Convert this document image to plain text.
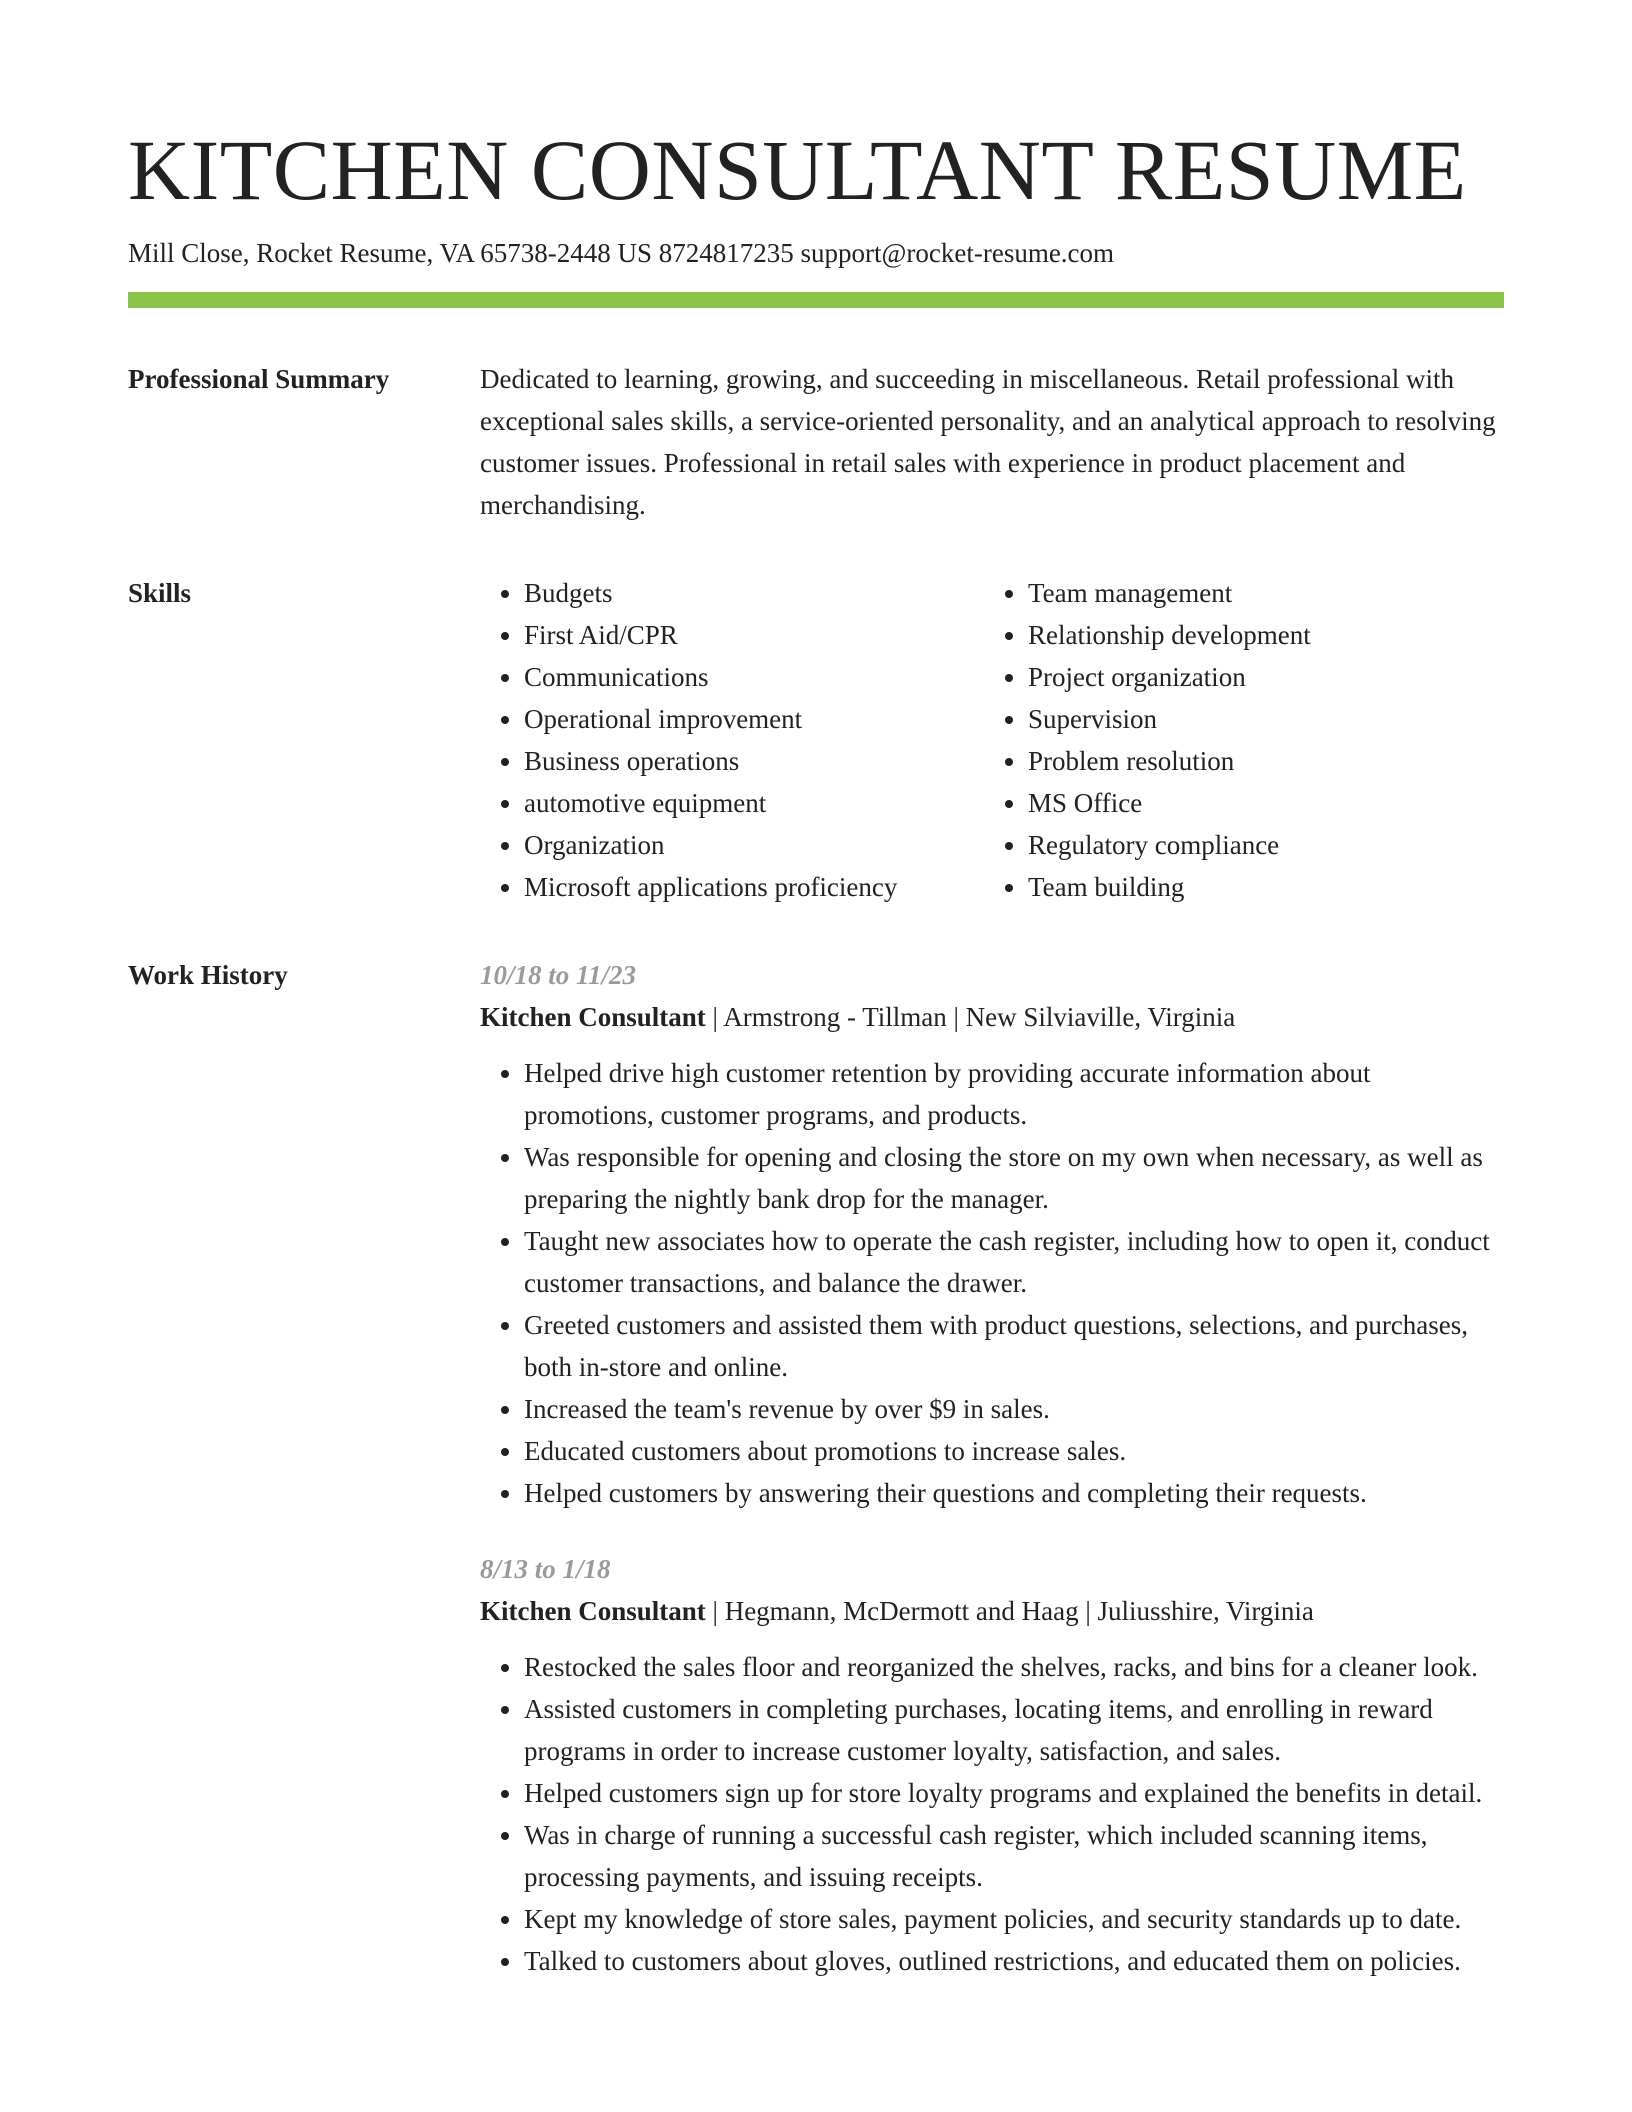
KITCHEN CONSULTANT RESUME
Mill Close, Rocket Resume, VA 65738-2448 US 8724817235 support@rocket-resume.com
Professional Summary	Dedicated to learning, growing, and succeeding in miscellaneous. Retail professional with exceptional sales skills, a service-oriented personality, and an analytical approach to resolving customer issues. Professional in retail sales with experience in product placement and merchandising.

Skills
•	Budgets
• First Aid/CPR
• Communications
• Operational improvement
• Business operations
• automotive equipment
• Organization
• Microsoft applications proficiency
• Team management
• Relationship development
• Project organization
• Supervision
• Problem resolution
• MS Office
• Regulatory compliance
• Team building
Work History	10/18 to 11/23
Kitchen Consultant | Armstrong - Tillman | New Silviaville, Virginia
• Helped drive high customer retention by providing accurate information about promotions, customer programs, and products.
• Was responsible for opening and closing the store on my own when necessary, as well as preparing the nightly bank drop for the manager.
• Taught new associates how to operate the cash register, including how to open it, conduct customer transactions, and balance the drawer.
• Greeted customers and assisted them with product questions, selections, and purchases, both in-store and online.
• Increased the team's revenue by over $9 in sales.
• Educated customers about promotions to increase sales.
• Helped customers by answering their questions and completing their requests.
8/13 to 1/18
Kitchen Consultant | Hegmann, McDermott and Haag | Juliusshire, Virginia
• Restocked the sales floor and reorganized the shelves, racks, and bins for a cleaner look.
• Assisted customers in completing purchases, locating items, and enrolling in reward programs in order to increase customer loyalty, satisfaction, and sales.
• Helped customers sign up for store loyalty programs and explained the benefits in detail.
• Was in charge of running a successful cash register, which included scanning items, processing payments, and issuing receipts.
• Kept my knowledge of store sales, payment policies, and security standards up to date.
• Talked to customers about gloves, outlined restrictions, and educated them on policies.
